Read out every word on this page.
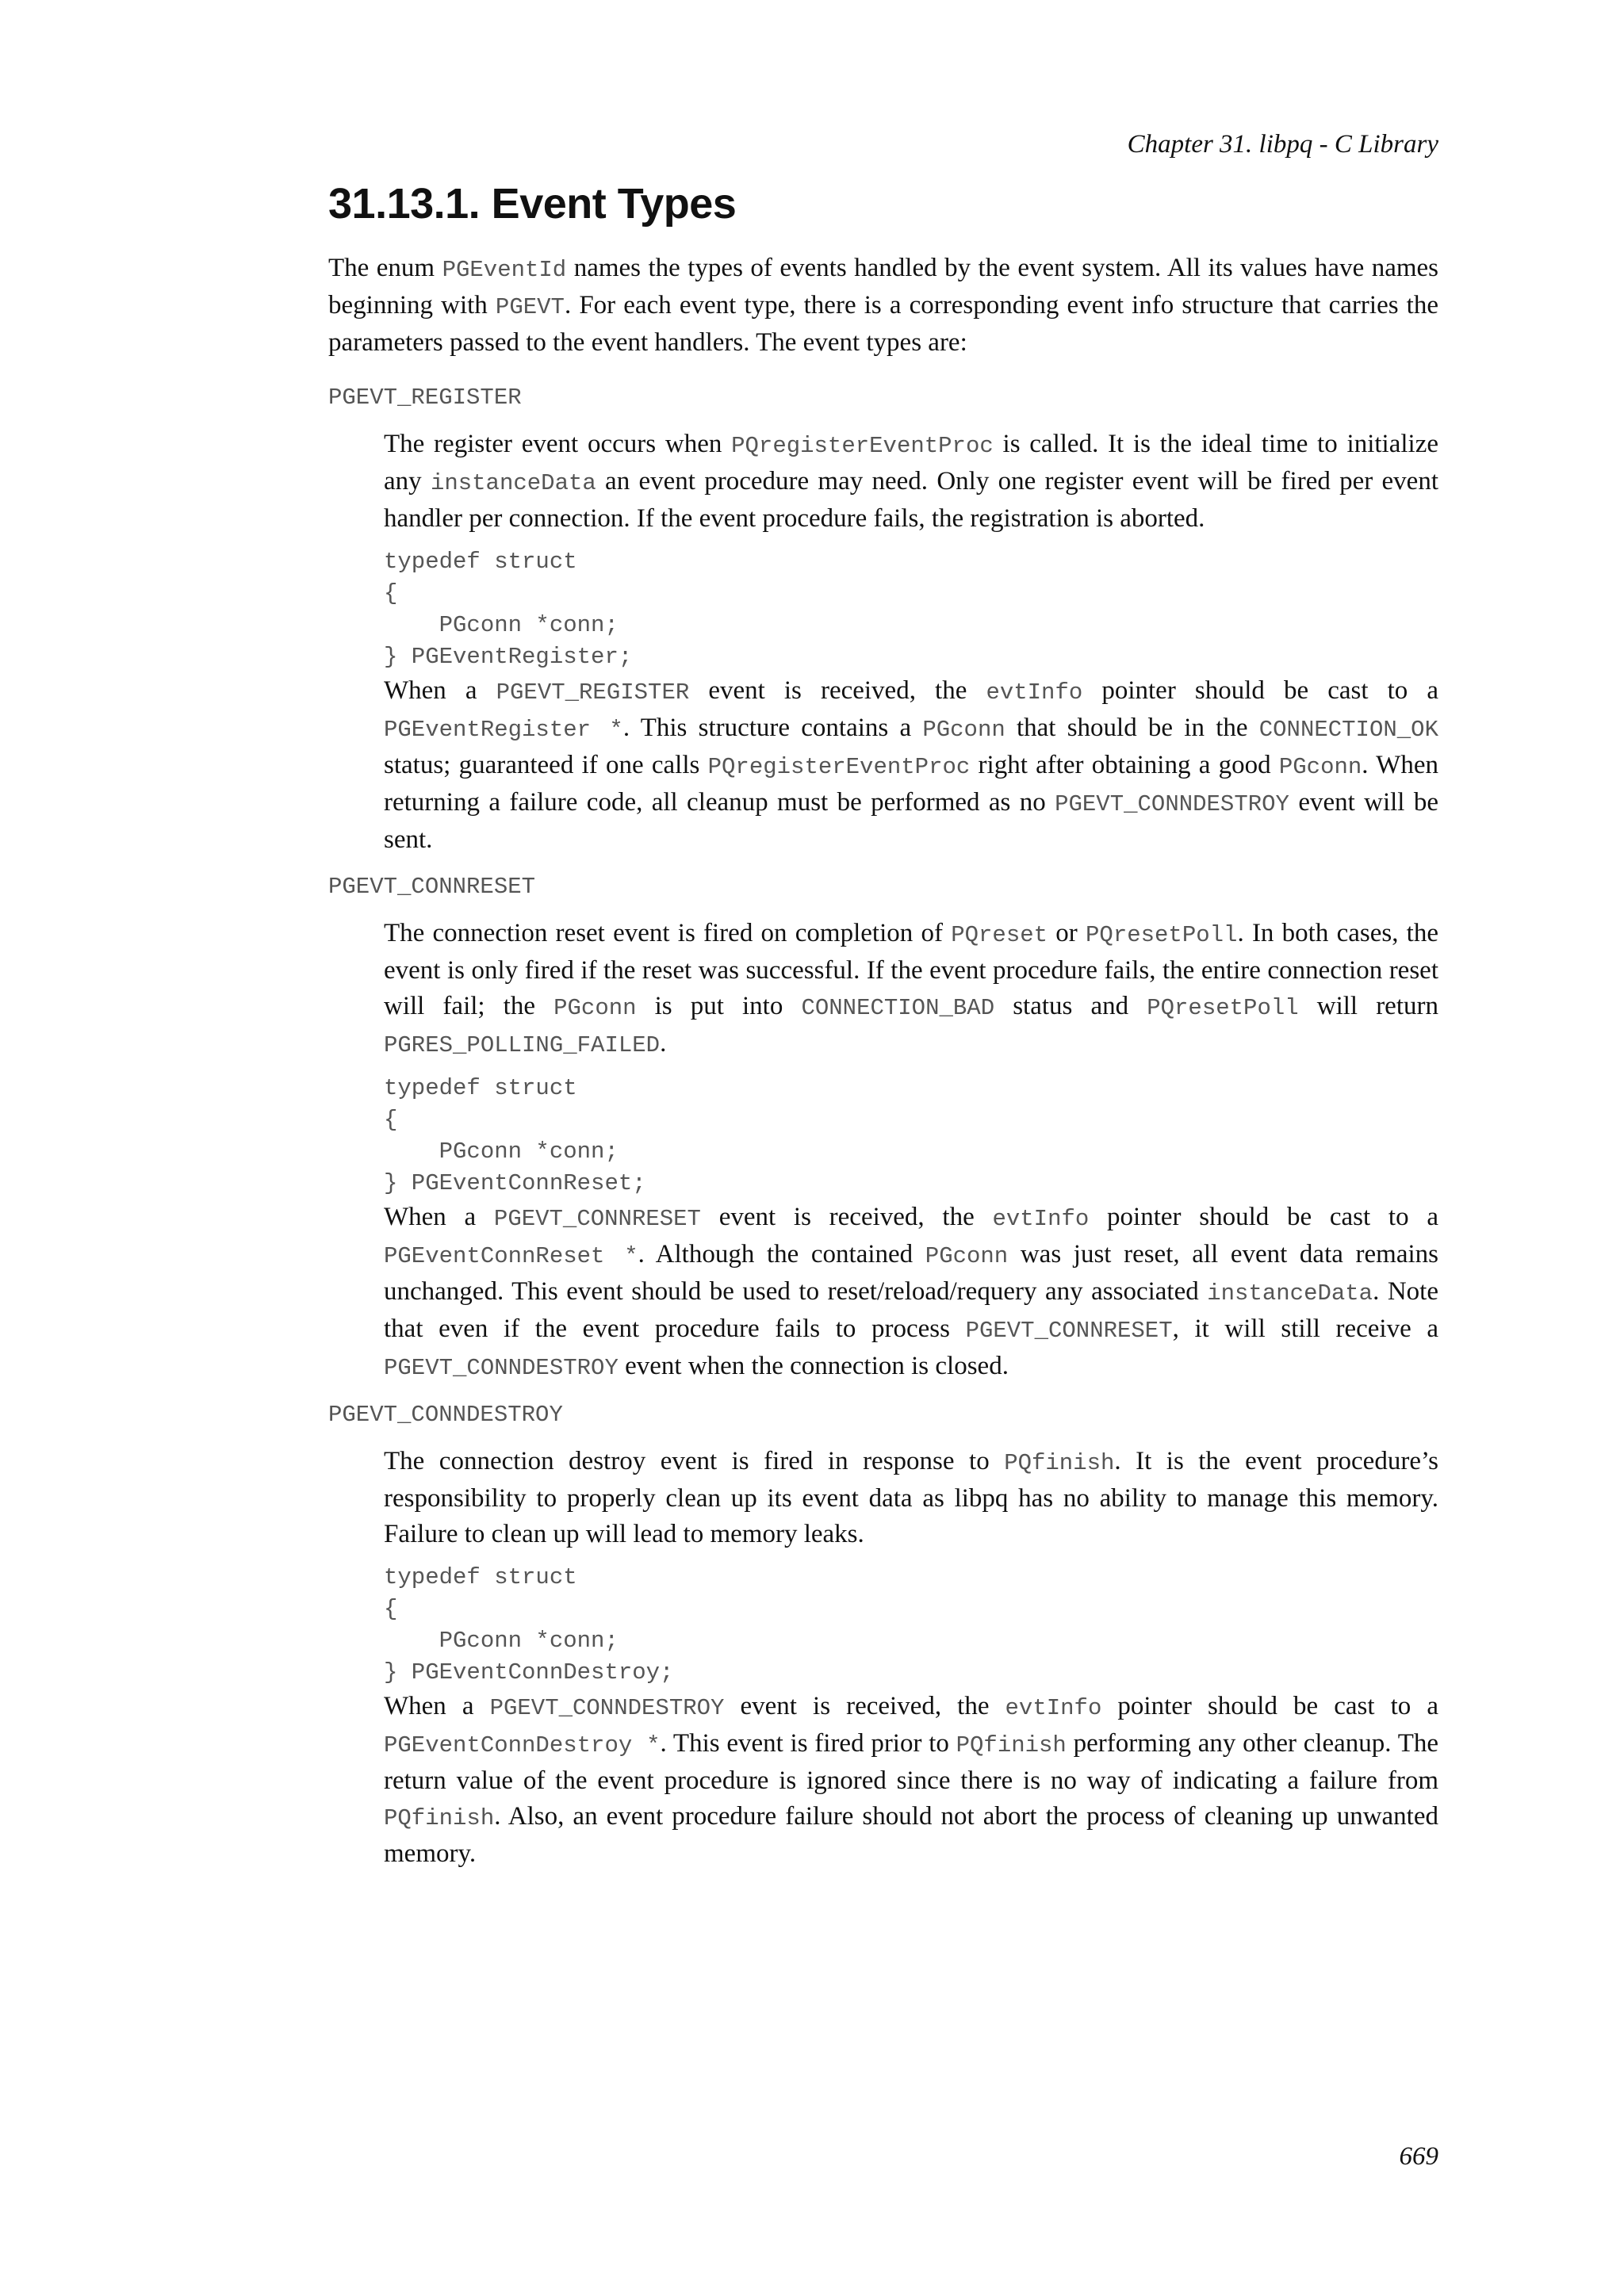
Chapter 31. libpq - C Library
31.13.1. Event Types

The enum PGEventId names the types of events handled by the event system. All its values have names beginning with PGEVT. For each event type, there is a corresponding event info structure that carries the parameters passed to the event handlers. The event types are:

PGEVT_REGISTER

The register event occurs when PQregisterEventProc is called. It is the ideal time to initialize any instanceData an event procedure may need. Only one register event will be fired per event handler per connection. If the event procedure fails, the registration is aborted.

typedef struct
{
PGconn *conn;
} PGEventRegister;

When a PGEVT_REGISTER event is received, the evtInfo pointer should be cast to a PGEventRegister *. This structure contains a PGconn that should be in the CONNECTION_OK status; guaranteed if one calls PQregisterEventProc right after obtaining a good PGconn. When returning a failure code, all cleanup must be performed as no PGEVT_CONNDESTROY event will be sent.

PGEVT_CONNRESET

The connection reset event is fired on completion of PQreset or PQresetPoll. In both cases, the event is only fired if the reset was successful. If the event procedure fails, the entire connection reset will fail; the PGconn is put into CONNECTION_BAD status and PQresetPoll will return PGRES_POLLING_FAILED.

typedef struct
{
PGconn *conn;
} PGEventConnReset;

When a PGEVT_CONNRESET event is received, the evtInfo pointer should be cast to a PGEventConnReset *. Although the contained PGconn was just reset, all event data remains unchanged. This event should be used to reset/reload/requery any associated instanceData. Note that even if the event procedure fails to process PGEVT_CONNRESET, it will still receive a PGEVT_CONNDESTROY event when the connection is closed.

PGEVT_CONNDESTROY

The connection destroy event is fired in response to PQfinish. It is the event procedure’s responsibility to properly clean up its event data as libpq has no ability to manage this memory. Failure to clean up will lead to memory leaks.

typedef struct
{
PGconn *conn;
} PGEventConnDestroy;

When a PGEVT_CONNDESTROY event is received, the evtInfo pointer should be cast to a PGEventConnDestroy *. This event is fired prior to PQfinish performing any other cleanup. The return value of the event procedure is ignored since there is no way of indicating a failure from PQfinish. Also, an event procedure failure should not abort the process of cleaning up unwanted memory.

669
